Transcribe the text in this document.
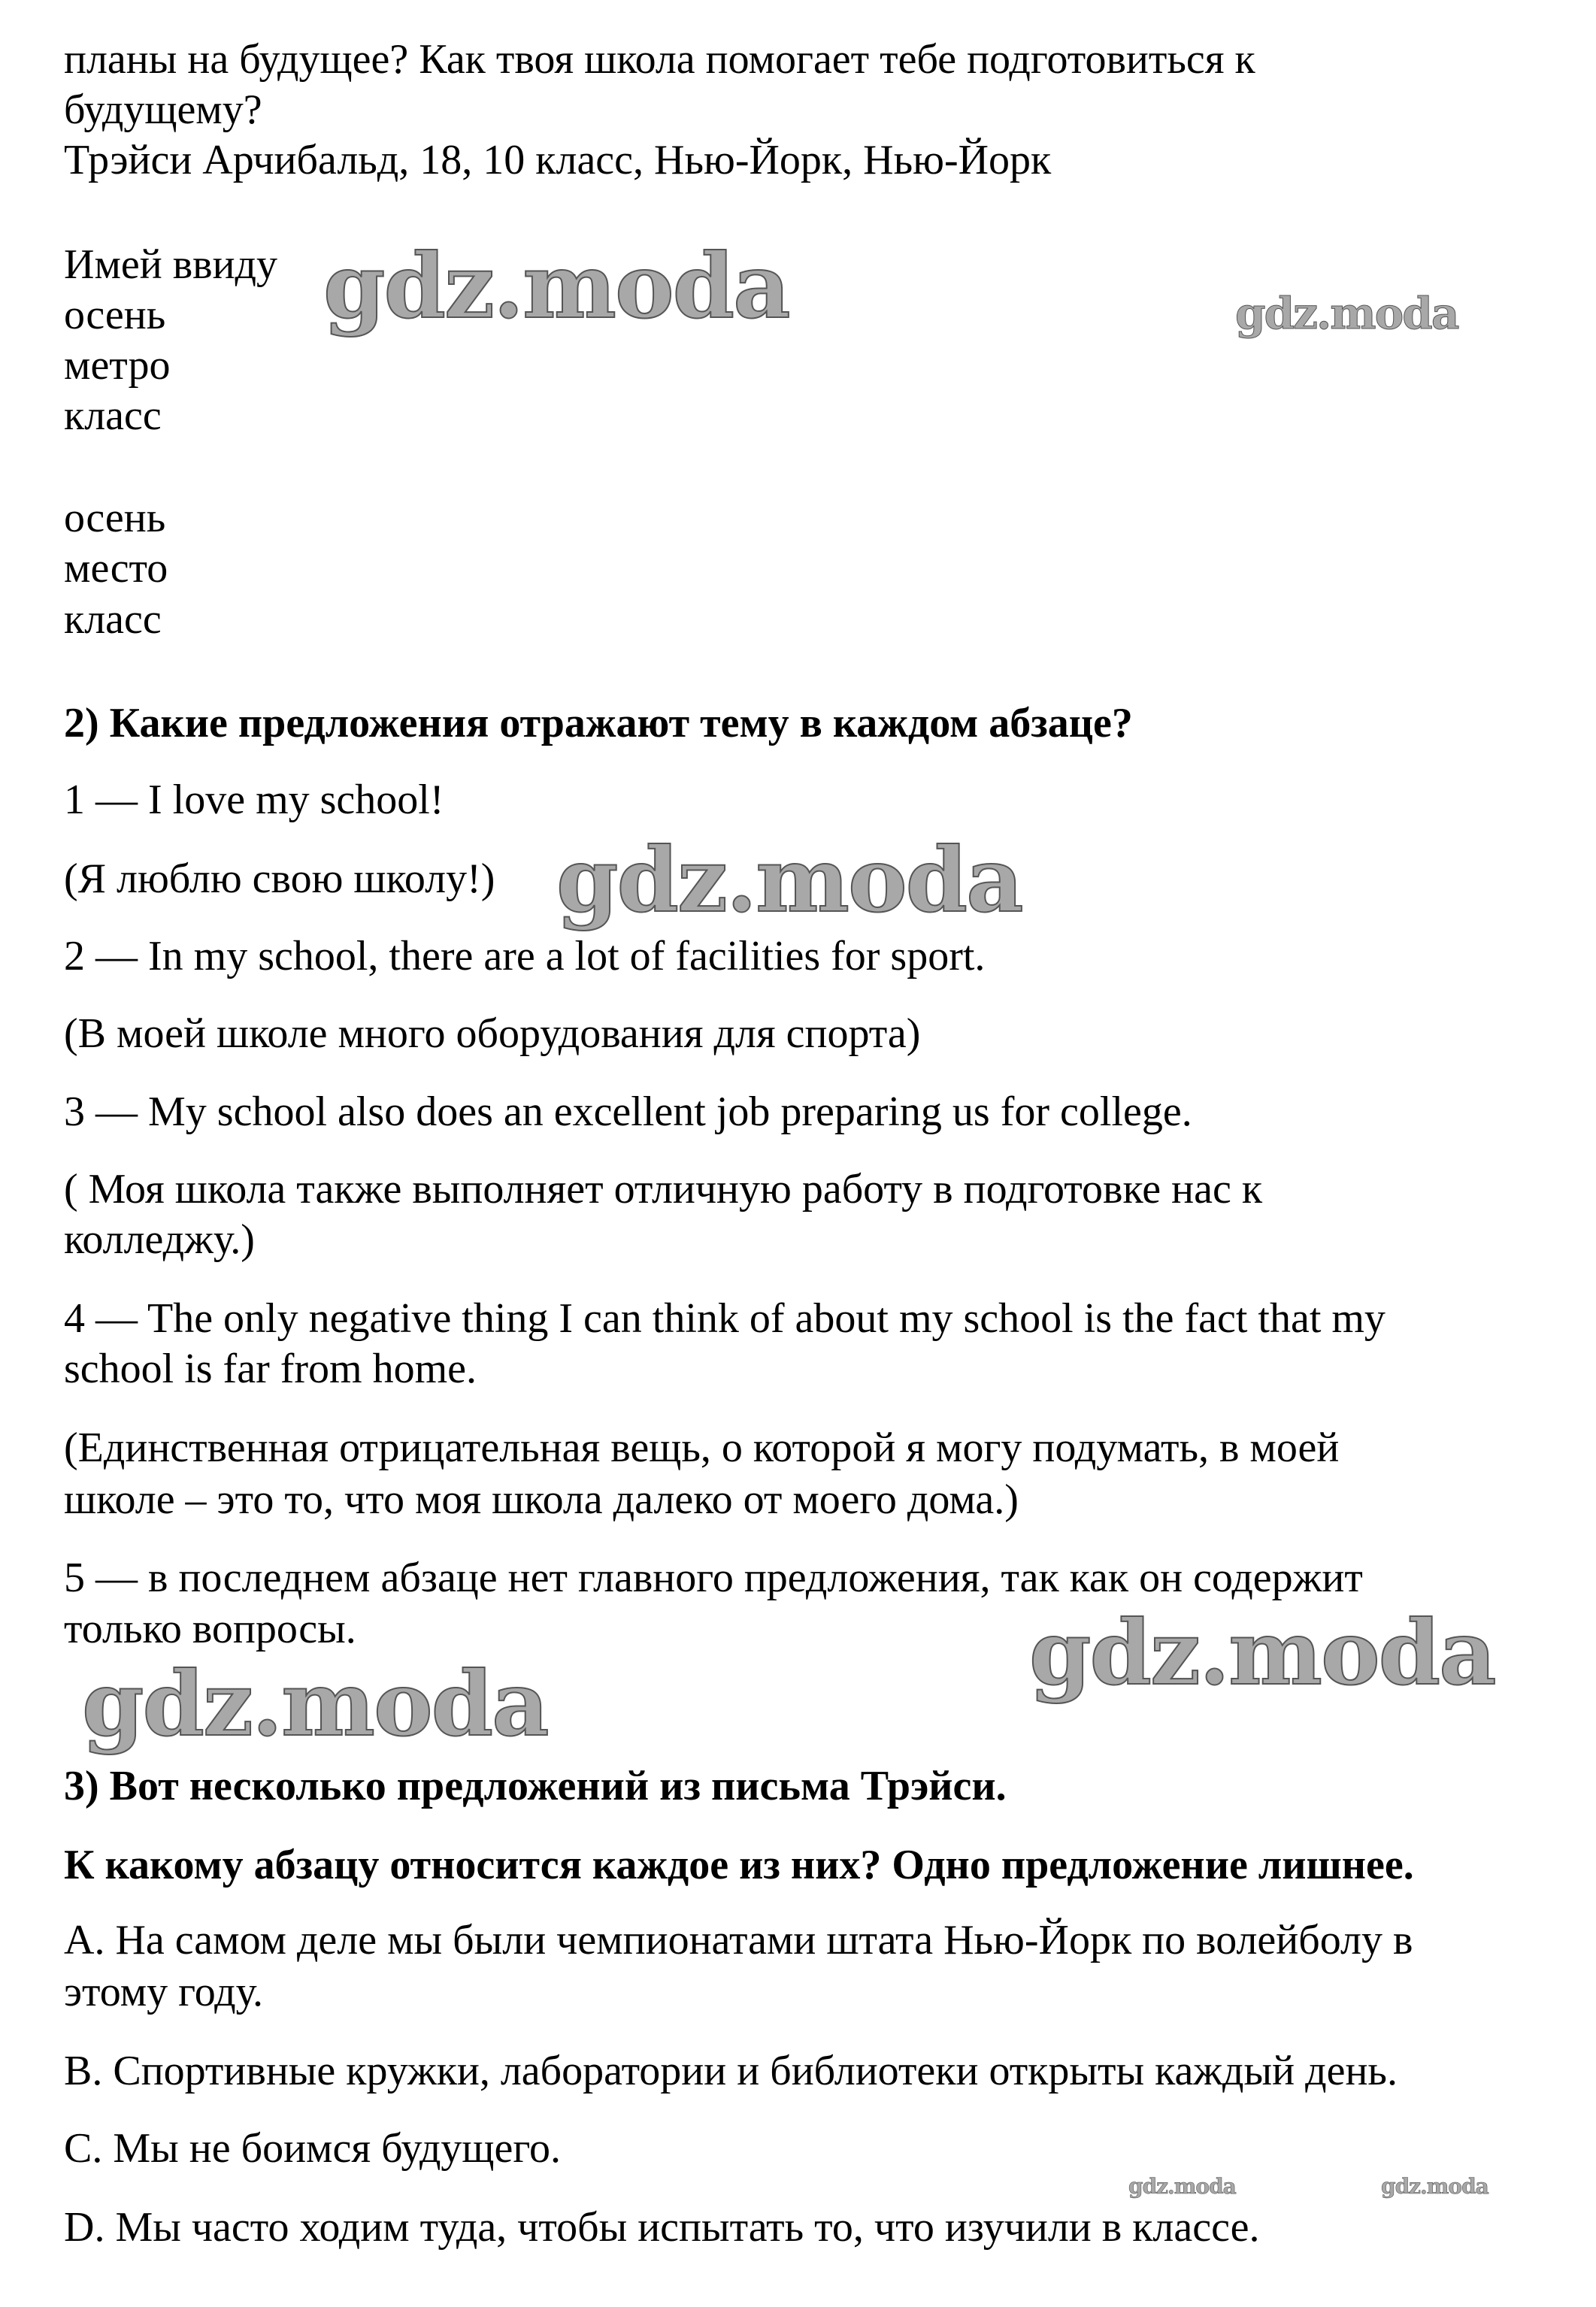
планы на будущее? Как твоя школа помогает тебе подготовиться к
будущему?
Трэйси Арчибальд, 18, 10 класс, Нью-Йорк, Нью-Йорк
Имей ввиду
осень
метро
класс
осень
место
класс
2) Какие предложения отражают тему в каждом абзаце?
1 — I love my school!
(Я люблю свою школу!)
2 — In my school, there are a lot of facilities for sport.
(В моей школе много оборудования для спорта)
3 — My school also does an excellent job preparing us for college.
( Моя школа также выполняет отличную работу в подготовке нас к
колледжу.)
4 — The only negative thing I can think of about my school is the fact that my
school is far from home.
(Единственная отрицательная вещь, о которой я могу подумать, в моей
школе – это то, что моя школа далеко от моего дома.)
5 — в последнем абзаце нет главного предложения, так как он содержит
только вопросы.
3) Вот несколько предложений из письма Трэйси.
К какому абзацу относится каждое из них? Одно предложение лишнее.
A. На самом деле мы были чемпионатами штата Нью-Йорк по волейболу в
этому году.
B. Спортивные кружки, лаборатории и библиотеки открыты каждый день.
C. Мы не боимся будущего.
D. Мы часто ходим туда, чтобы испытать то, что изучили в классе.
gdz.moda	gdz.moda
gdz.moda
gdz.moda
gdz.moda
gdz.moda	gdz.moda
